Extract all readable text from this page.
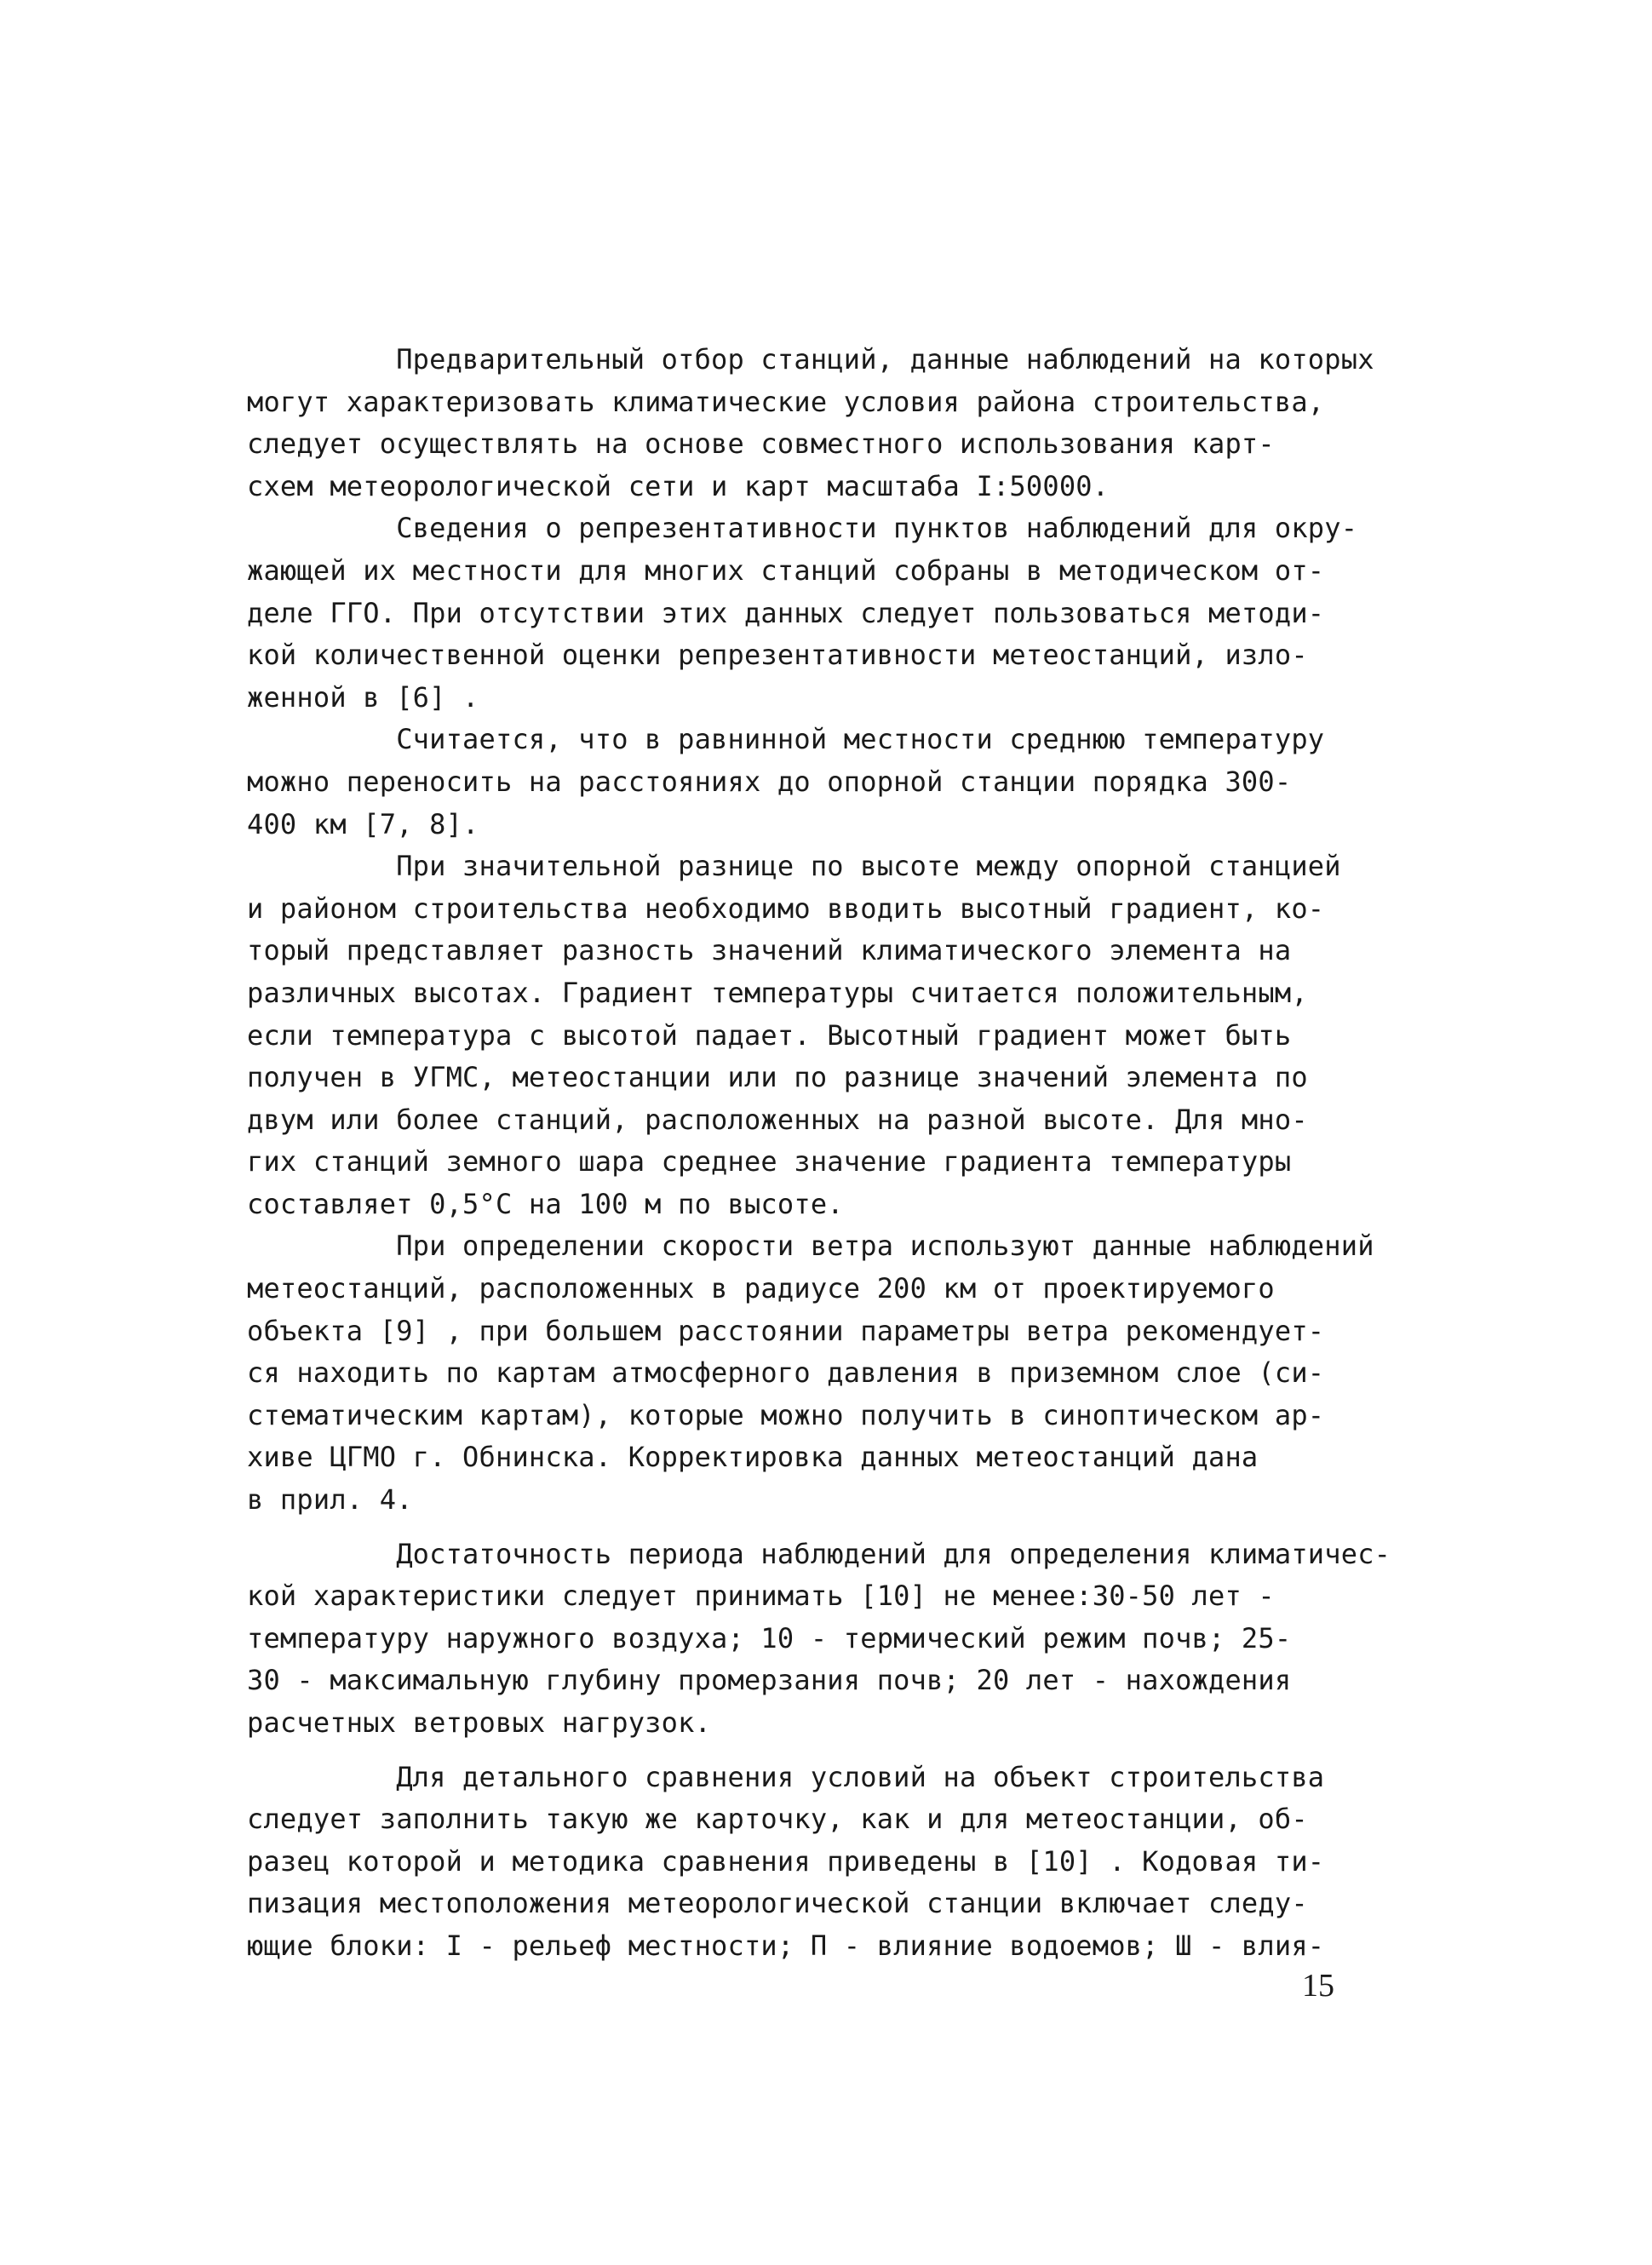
Предварительный отбор станций, данные наблюдений на которых
могут характеризовать климатические условия района строительства,
следует осуществлять на основе совместного использования карт-
схем метеорологической сети и карт масштаба I:50000.
Сведения о репрезентативности пунктов наблюдений для окру-
жающей их местности для многих станций собраны в методическом от-
деле ГГО. При отсутствии этих данных следует пользоваться методи-
кой количественной оценки репрезентативности метеостанций, изло-
женной в [6] .
Считается, что в равнинной местности среднюю температуру
можно переносить на расстояниях до опорной станции порядка 300-
400 км [7, 8].
При значительной разнице по высоте между опорной станцией
и районом строительства необходимо вводить высотный градиент, ко-
торый представляет разность значений климатического элемента на
различных высотах. Градиент температуры считается положительным,
если температура с высотой падает. Высотный градиент может быть
получен в УГМС, метеостанции или по разнице значений элемента по
двум или более станций, расположенных на разной высоте. Для мно-
гих станций земного шара среднее значение градиента температуры
составляет 0,5°С на 100 м по высоте.
При определении скорости ветра используют данные наблюдений
метеостанций, расположенных в радиусе 200 км от проектируемого
объекта [9] , при большем расстоянии параметры ветра рекомендует-
ся находить по картам атмосферного давления в приземном слое (си-
стематическим картам), которые можно получить в синоптическом ар-
хиве ЦГМО г. Обнинска. Корректировка данных метеостанций дана
в прил. 4.
Достаточность периода наблюдений для определения климатичес-
кой характеристики следует принимать [10] не менее:30-50 лет -
температуру наружного воздуха; 10 - термический режим почв; 25-
30 - максимальную глубину промерзания почв; 20 лет - нахождения
расчетных ветровых нагрузок.
Для детального сравнения условий на объект строительства
следует заполнить такую же карточку, как и для метеостанции, об-
разец которой и методика сравнения приведены в [10] . Кодовая ти-
пизация местоположения метеорологической станции включает следу-
ющие блоки: I - рельеф местности; П - влияние водоемов; Ш - влия-
15
